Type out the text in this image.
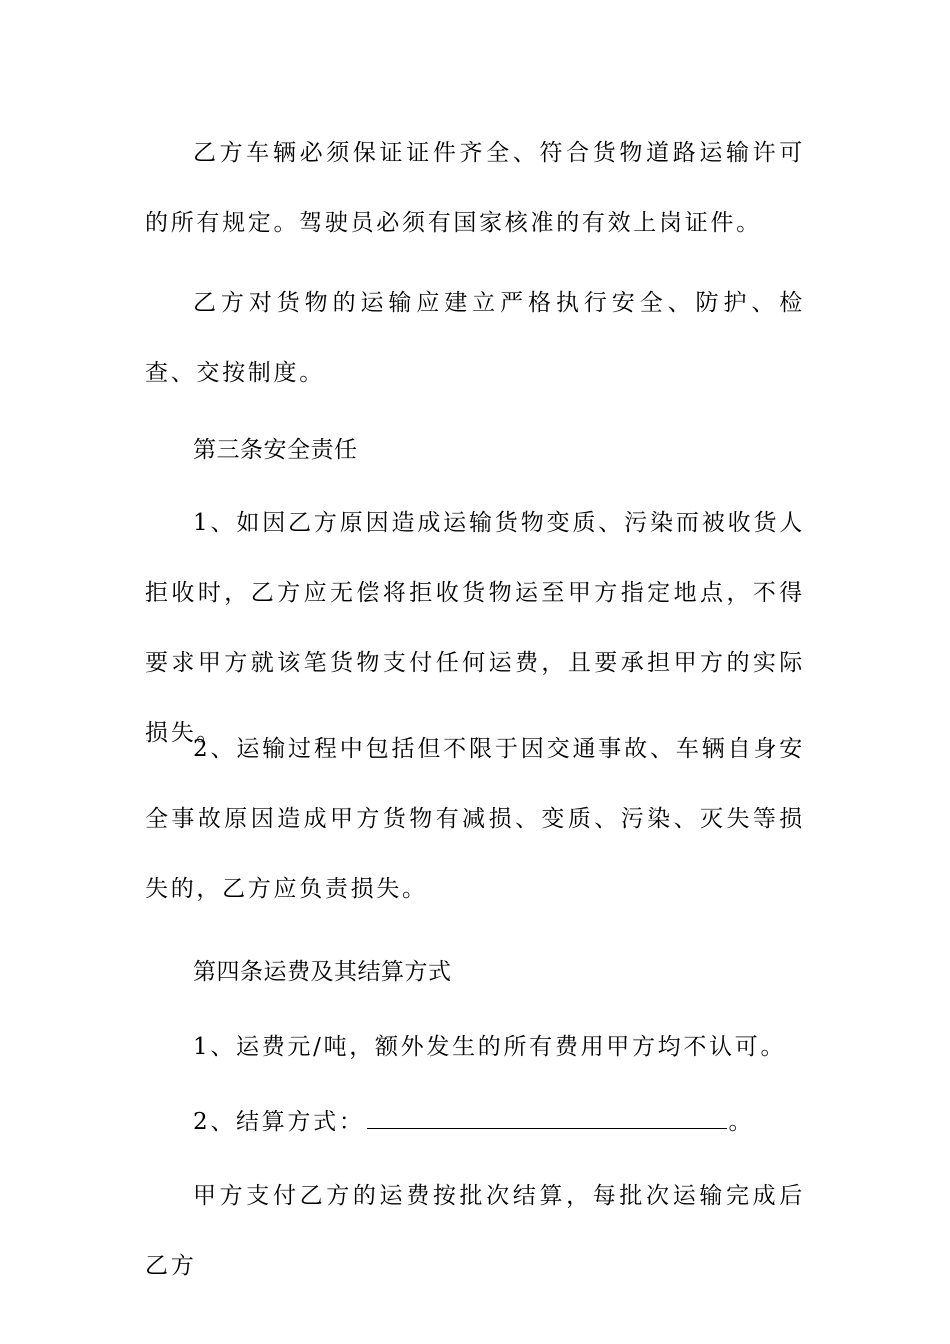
乙方车辆必须保证证件齐全、符合货物道路运输许可的所有规定。驾驶员必须有国家核准的有效上岗证件。

乙方对货物的运输应建立严格执行安全、防护、检查、交按制度。

第三条安全责任

1、如因乙方原因造成运输货物变质、污染而被收货人拒收时，乙方应无偿将拒收货物运至甲方指定地点，不得要求甲方就该笔货物支付任何运费，且要承担甲方的实际损失。

2、运输过程中包括但不限于因交通事故、车辆自身安全事故原因造成甲方货物有减损、变质、污染、灭失等损失的，乙方应负责损失。

第四条运费及其结算方式

1、运费元/吨，额外发生的所有费用甲方均不认可。

2、结算方式：	。

甲方支付乙方的运费按批次结算，每批次运输完成后乙方
